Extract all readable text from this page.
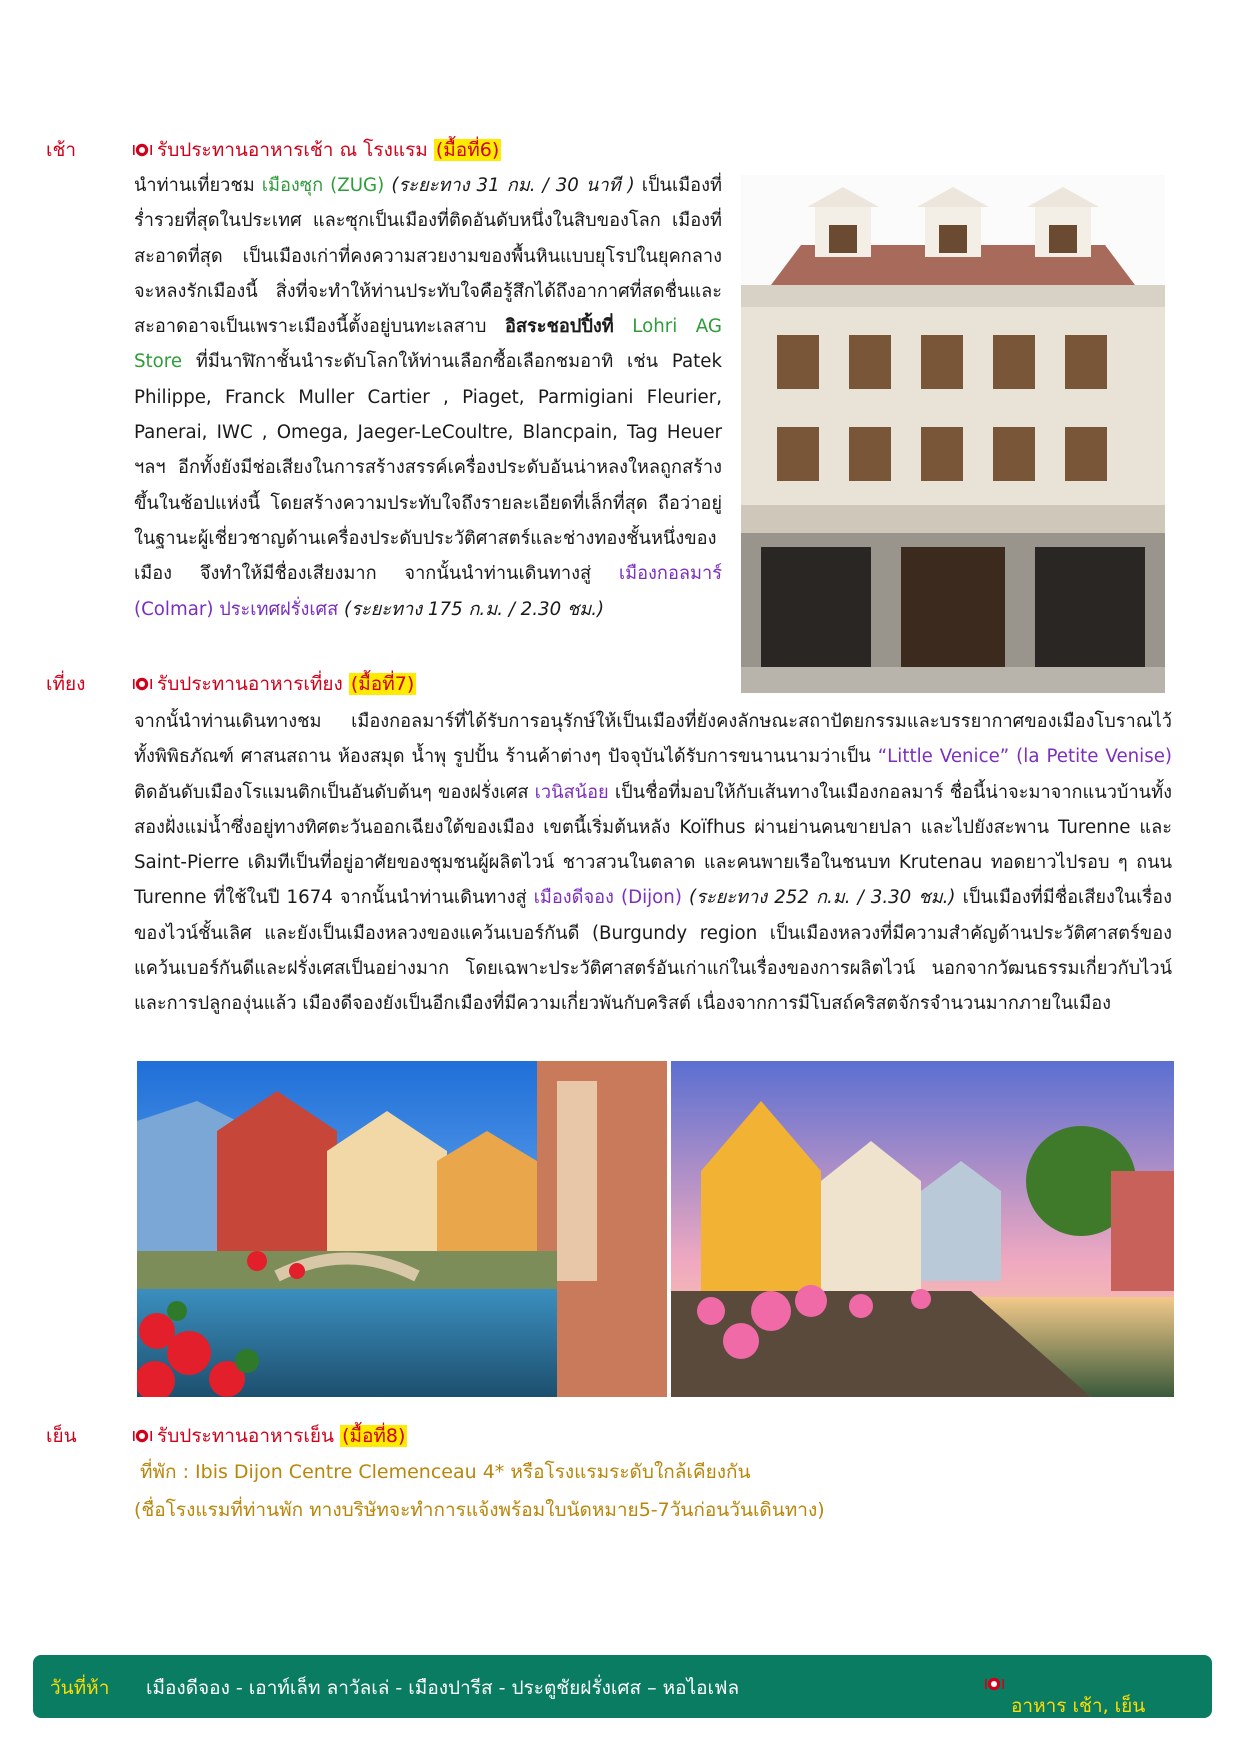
เช้า	รับประทานอาหารเช้า ณ โรงแรม (มื้อที่6)
นำท่านเที่ยวชม เมืองซุก (ZUG) (ระยะทาง 31 กม. / 30 นาที ) เป็นเมืองที่ร่ำรวยที่สุดในประเทศ และซุกเป็นเมืองที่ติดอันดับหนึ่งในสิบของโลก เมืองที่สะอาดที่สุด เป็นเมืองเก่าที่คงความสวยงามของพื้นหินแบบยุโรปในยุคกลางจะหลงรักเมืองนี้ สิ่งที่จะทำให้ท่านประทับใจคือรู้สึกได้ถึงอากาศที่สดชื่นและสะอาดอาจเป็นเพราะเมืองนี้ตั้งอยู่บนทะเลสาบ อิสระชอปปิ้งที่ Lohri AG Store ที่มีนาฬิกาชั้นนำระดับโลกให้ท่านเลือกซื้อเลือกชมอาทิ เช่น Patek Philippe, Franck Muller Cartier , Piaget, Parmigiani Fleurier, Panerai, IWC , Omega, Jaeger-LeCoultre, Blancpain, Tag Heuer ฯลฯ อีกทั้งยังมีช่อเสียงในการสร้างสรรค์เครื่องประดับอันน่าหลงใหลถูกสร้างขึ้นในช้อปแห่งนี้ โดยสร้างความประทับใจถึงรายละเอียดที่เล็กที่สุด ถือว่าอยู่ในฐานะผู้เชี่ยวชาญด้านเครื่องประดับประวัติศาสตร์และช่างทองชั้นหนึ่งของเมือง จึงทำให้มีชื่องเสียงมาก จากนั้นนำท่านเดินทางสู่ เมืองกอลมาร์ (Colmar) ประเทศฝรั่งเศส (ระยะทาง 175 ก.ม. / 2.30 ชม.)
เที่ยง	รับประทานอาหารเที่ยง (มื้อที่7)
จากนั้นำท่านเดินทางชม เมืองกอลมาร์ที่ได้รับการอนุรักษ์ให้เป็นเมืองที่ยังคงลักษณะสถาปัตยกรรมและบรรยากาศของเมืองโบราณไว้ ทั้งพิพิธภัณฑ์ ศาสนสถาน ห้องสมุด น้ำพุ รูปปั้น ร้านค้าต่างๆ ปัจจุบันได้รับการขนานนามว่าเป็น “Little Venice” (la Petite Venise) ติดอันดับเมืองโรแมนติกเป็นอันดับต้นๆ ของฝรั่งเศส เวนิสน้อย เป็นชื่อที่มอบให้กับเส้นทางในเมืองกอลมาร์ ชื่อนี้น่าจะมาจากแนวบ้านทั้งสองฝั่งแม่น้ำซึ่งอยู่ทางทิศตะวันออกเฉียงใต้ของเมือง เขตนี้เริ่มต้นหลัง Koïfhus ผ่านย่านคนขายปลา และไปยังสะพาน Turenne และ Saint-Pierre เดิมทีเป็นที่อยู่อาศัยของชุมชนผู้ผลิตไวน์ ชาวสวนในตลาด และคนพายเรือในชนบท Krutenau ทอดยาวไปรอบ ๆ ถนน Turenne ที่ใช้ในปี 1674 จากนั้นนำท่านเดินทางสู่ เมืองดีจอง (Dijon) (ระยะทาง 252 ก.ม. / 3.30 ชม.) เป็นเมืองที่มีชื่อเสียงในเรื่องของไวน์ชั้นเลิศ และยังเป็นเมืองหลวงของแคว้นเบอร์กันดี (Burgundy region เป็นเมืองหลวงที่มีความสำคัญด้านประวัติศาสตร์ของแคว้นเบอร์กันดีและฝรั่งเศสเป็นอย่างมาก โดยเฉพาะประวัติศาสตร์อันเก่าแก่ในเรื่องของการผลิตไวน์ นอกจากวัฒนธรรมเกี่ยวกับไวน์และการปลูกองุ่นแล้ว เมืองดีจองยังเป็นอีกเมืองที่มีความเกี่ยวพันกับคริสต์ เนื่องจากการมีโบสถ์คริสตจักรจำนวนมากภายในเมือง
เย็น	รับประทานอาหารเย็น (มื้อที่8)
ที่พัก : Ibis Dijon Centre Clemenceau 4* หรือโรงแรมระดับใกล้เคียงกัน
(ชื่อโรงแรมที่ท่านพัก ทางบริษัทจะทำการแจ้งพร้อมใบนัดหมาย5-7วันก่อนวันเดินทาง)
วันที่ห้า เมืองดีจอง - เอาท์เล็ท ลาวัลเล่ - เมืองปารีส - ประตูชัยฝรั่งเศส – หอไอเฟล
อาหาร เช้า, เย็น
